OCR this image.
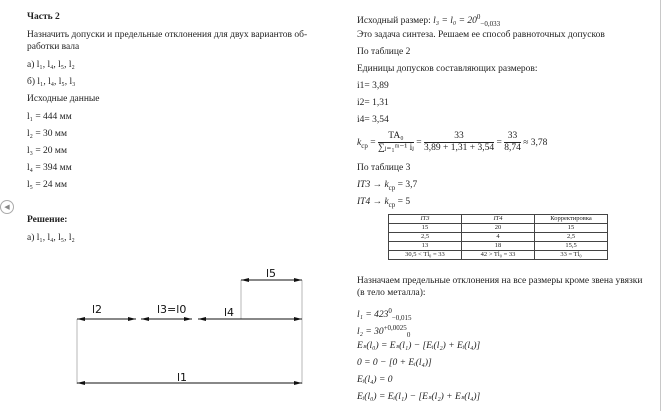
◀
Часть 2
Назначить допуски и предельные отклонения для двух вариантов об-
работки вала
а) l₁, l₄, l₅, l₂
б) l₁, l₄, l₅, l₃
Исходные данные
l₁ = 444 мм
l₂ = 30 мм
l₃ = 20 мм
l₄ = 394 мм
l₅ = 24 мм
Решение:
а) l₁, l₄, l₅, l₂
l2	l3=l0	l4
l5
l1
Исходный размер: $l_3 = l_0 = 20^0_{-0,033}$
Это задача синтеза. Решаем ее способ равноточных допусков
По таблице 2
Единицы допусков составляющих размеров:
i1= 3,89
i2= 1,31
i4= 3,54
$k_{ср} = \frac{\text{TA₀}}{\text{∑ⱼ₌₁ᵐ⁻¹ iⱼ}} = \frac{33}{3,89 + 1,31 + 3,54} = \frac{33}{8,74} \approx 3,78$
По таблице 3
$IT3 \to k_{ср} = 3,7$
$IT4 \to k_{ср} = 5$
IT3	IT4	Корректировка
15	20	15
2,5	4	2,5
13	18	15,5
30,5 < Tl₀ = 33	42 > Tl₀ = 33	33 = Tl₀
Назначаем предельные отклонения на все размеры кроме звена увязки
(в тело металла):
$l_1 = 423^0_{-0,015}$
$l_2 = 30^{+0,0025}_0$
Eₛ(l₀) = Eₛ(l₁) − [Eᵢ(l₂) + Eᵢ(l₄)]
0 = 0 − [0 + Eᵢ(l₄)]
Eᵢ(l₄) = 0
Eᵢ(l₀) = Eᵢ(l₁) − [Eₛ(l₂) + Eₛ(l₄)]
